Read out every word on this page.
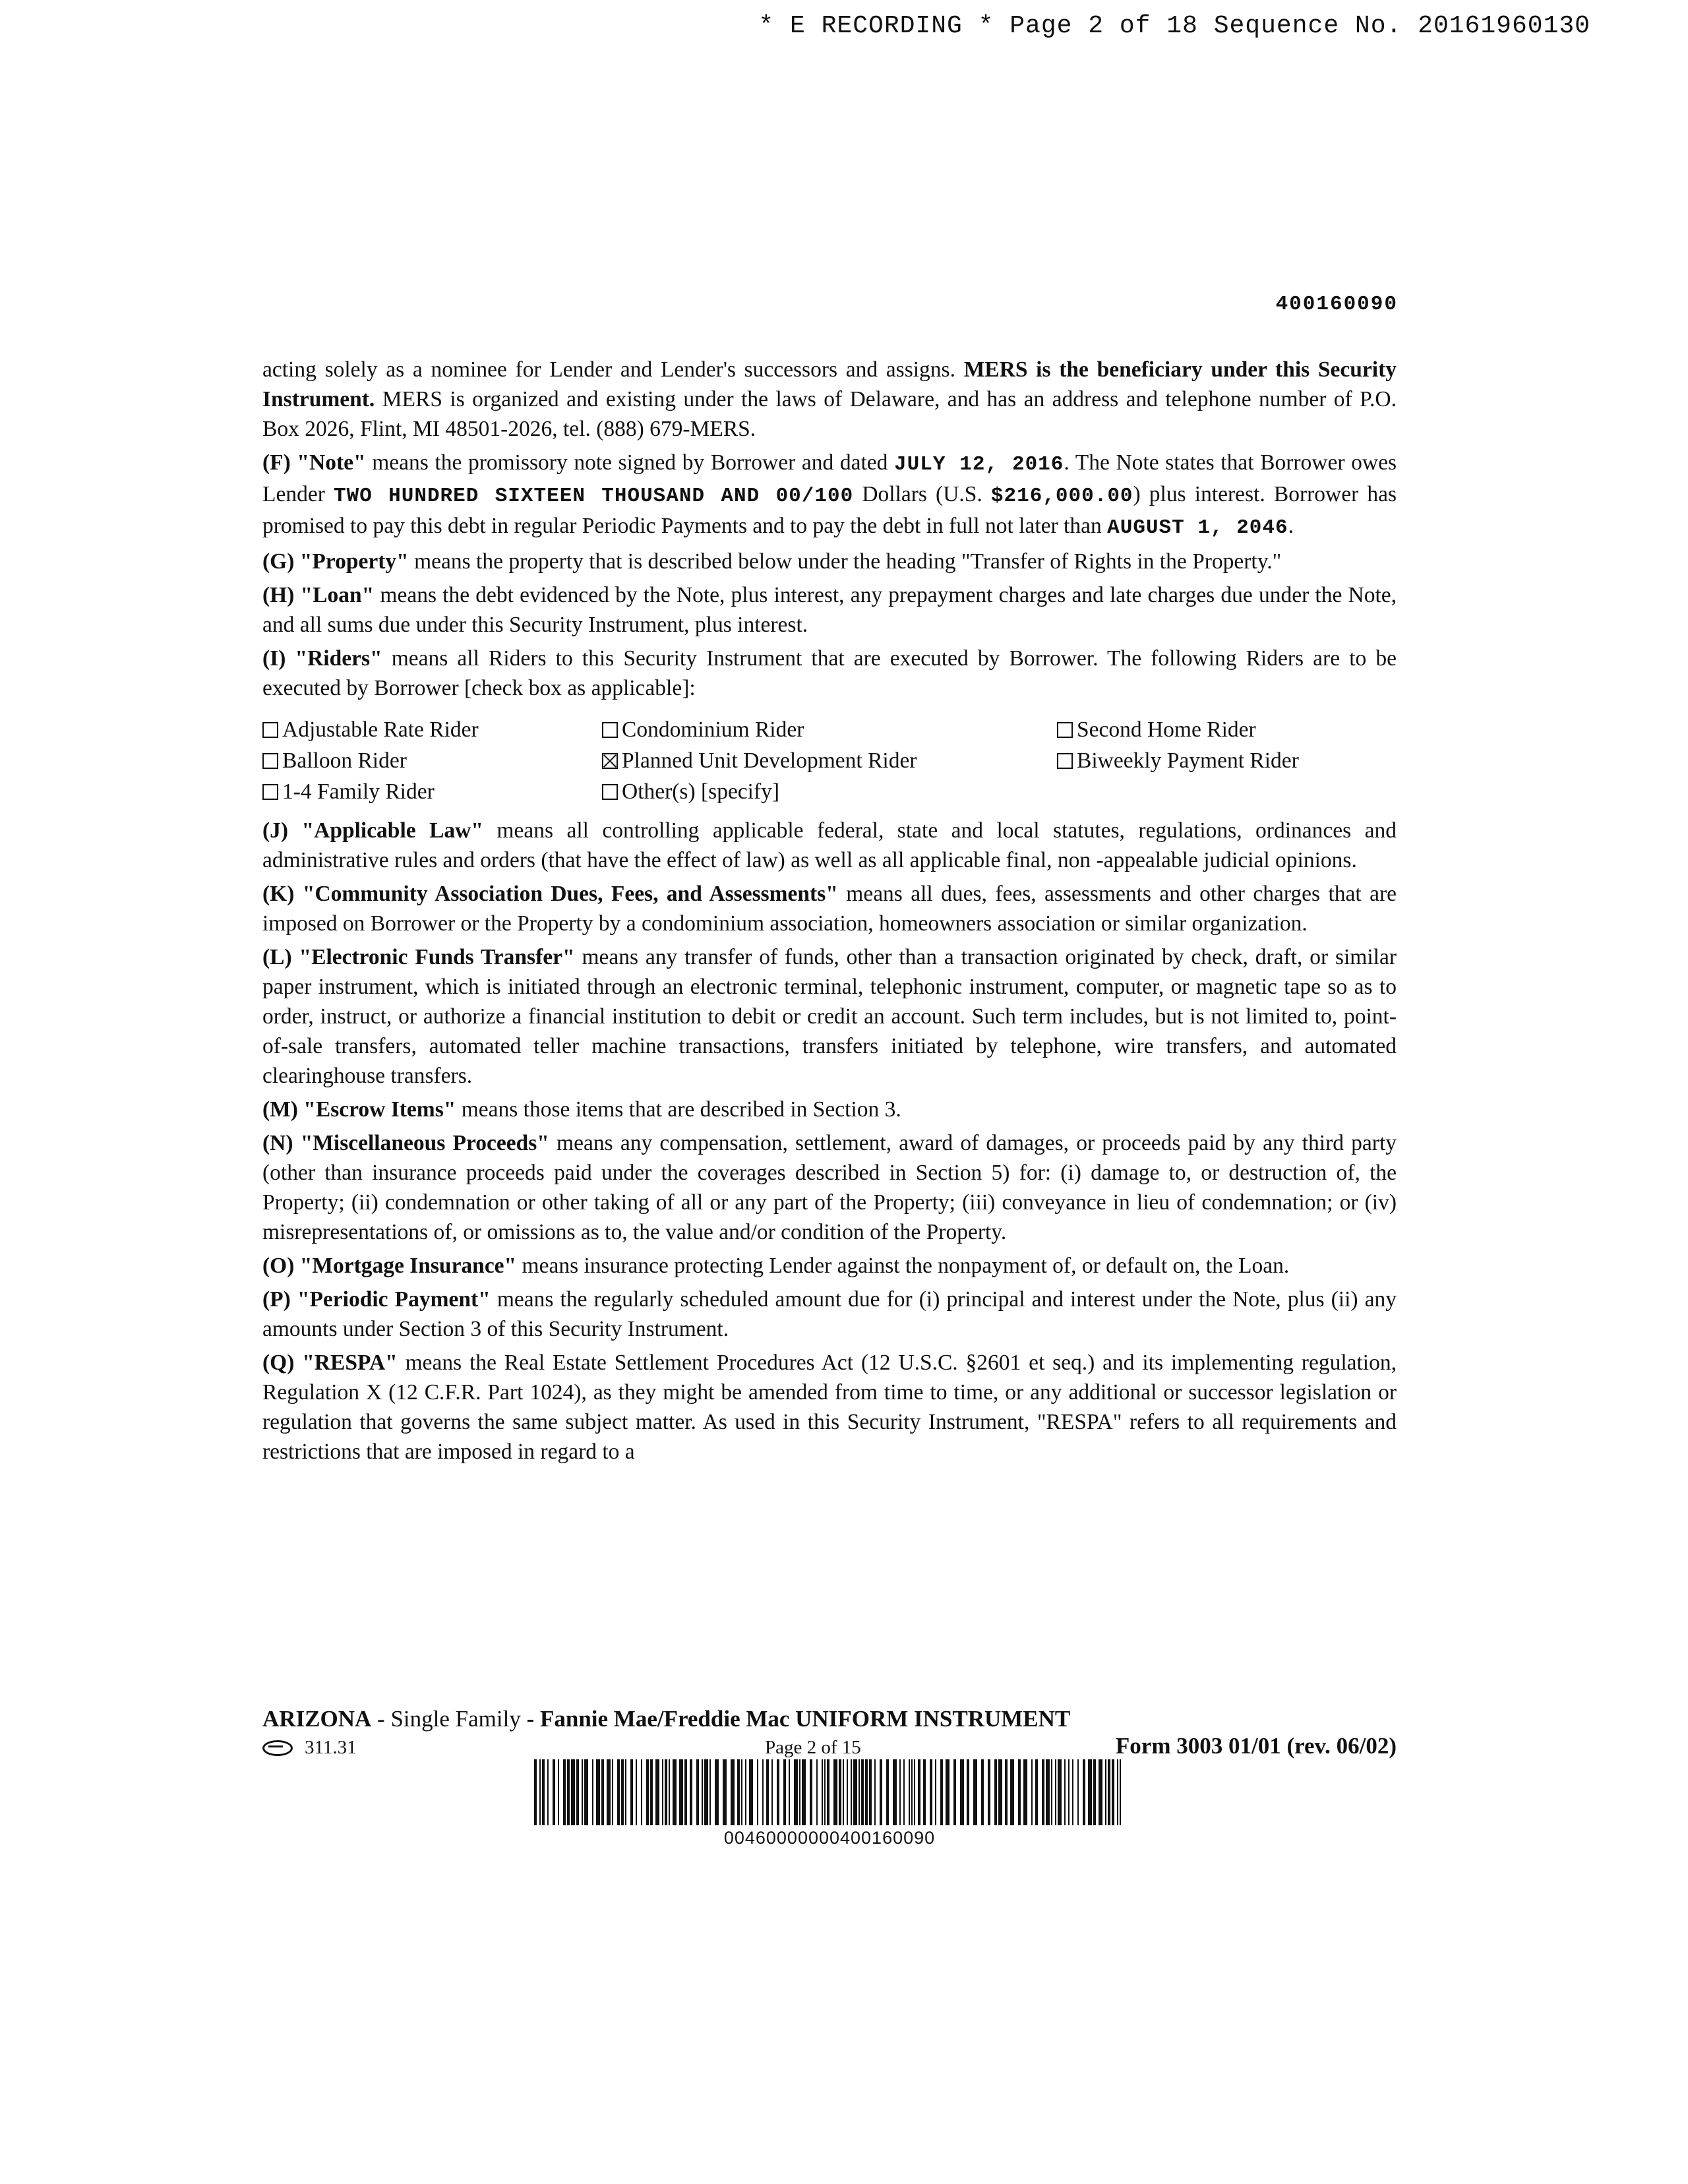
* E RECORDING * Page 2 of 18 Sequence No. 20161960130
400160090

acting solely as a nominee for Lender and Lender's successors and assigns. MERS is the beneficiary under this Security Instrument. MERS is organized and existing under the laws of Delaware, and has an address and telephone number of P.O. Box 2026, Flint, MI 48501-2026, tel. (888) 679-MERS.

(F) "Note" means the promissory note signed by Borrower and dated JULY 12, 2016. The Note states that Borrower owes Lender TWO HUNDRED SIXTEEN THOUSAND AND 00/100 Dollars (U.S. $216,000.00) plus interest. Borrower has promised to pay this debt in regular Periodic Payments and to pay the debt in full not later than AUGUST 1, 2046.

(G) "Property" means the property that is described below under the heading "Transfer of Rights in the Property."

(H) "Loan" means the debt evidenced by the Note, plus interest, any prepayment charges and late charges due under the Note, and all sums due under this Security Instrument, plus interest.

(I) "Riders" means all Riders to this Security Instrument that are executed by Borrower. The following Riders are to be executed by Borrower [check box as applicable]:

Adjustable Rate Rider	Condominium Rider	Second Home Rider
Balloon Rider	Planned Unit Development Rider	Biweekly Payment Rider
1-4 Family Rider	Other(s) [specify]

(J) "Applicable Law" means all controlling applicable federal, state and local statutes, regulations, ordinances and administrative rules and orders (that have the effect of law) as well as all applicable final, non -appealable judicial opinions.

(K) "Community Association Dues, Fees, and Assessments" means all dues, fees, assessments and other charges that are imposed on Borrower or the Property by a condominium association, homeowners association or similar organization.

(L) "Electronic Funds Transfer" means any transfer of funds, other than a transaction originated by check, draft, or similar paper instrument, which is initiated through an electronic terminal, telephonic instrument, computer, or magnetic tape so as to order, instruct, or authorize a financial institution to debit or credit an account. Such term includes, but is not limited to, point-of-sale transfers, automated teller machine transactions, transfers initiated by telephone, wire transfers, and automated clearinghouse transfers.

(M) "Escrow Items" means those items that are described in Section 3.

(N) "Miscellaneous Proceeds" means any compensation, settlement, award of damages, or proceeds paid by any third party (other than insurance proceeds paid under the coverages described in Section 5) for: (i) damage to, or destruction of, the Property; (ii) condemnation or other taking of all or any part of the Property; (iii) conveyance in lieu of condemnation; or (iv) misrepresentations of, or omissions as to, the value and/or condition of the Property.

(O) "Mortgage Insurance" means insurance protecting Lender against the nonpayment of, or default on, the Loan.

(P) "Periodic Payment" means the regularly scheduled amount due for (i) principal and interest under the Note, plus (ii) any amounts under Section 3 of this Security Instrument.

(Q) "RESPA" means the Real Estate Settlement Procedures Act (12 U.S.C. §2601 et seq.) and its implementing regulation, Regulation X (12 C.F.R. Part 1024), as they might be amended from time to time, or any additional or successor legislation or regulation that governs the same subject matter. As used in this Security Instrument, "RESPA" refers to all requirements and restrictions that are imposed in regard to a

ARIZONA - Single Family - Fannie Mae/Freddie Mac UNIFORM INSTRUMENT
311.31	Page 2 of 15	Form 3003 01/01 (rev. 06/02)
00460000000400160090
